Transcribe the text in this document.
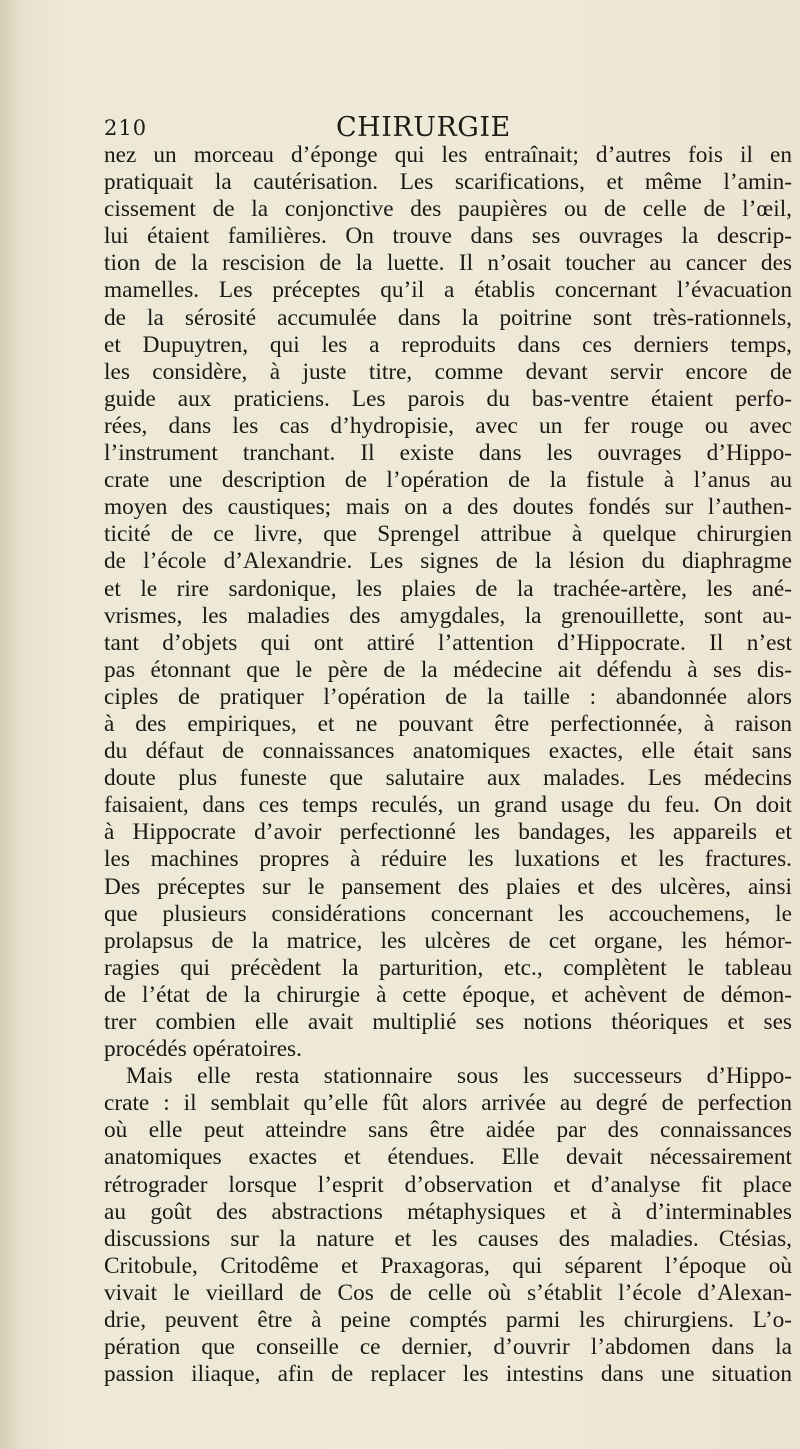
210	CHIRURGIE
nez un morceau d’éponge qui les entraînait; d’autres fois il en
pratiquait la cautérisation. Les scarifications, et même l’amin-
cissement de la conjonctive des paupières ou de celle de l’œil,
lui étaient familières. On trouve dans ses ouvrages la descrip-
tion de la rescision de la luette. Il n’osait toucher au cancer des
mamelles. Les préceptes qu’il a établis concernant l’évacuation
de la sérosité accumulée dans la poitrine sont très-rationnels,
et Dupuytren, qui les a reproduits dans ces derniers temps,
les considère, à juste titre, comme devant servir encore de
guide aux praticiens. Les parois du bas-ventre étaient perfo-
rées, dans les cas d’hydropisie, avec un fer rouge ou avec
l’instrument tranchant. Il existe dans les ouvrages d’Hippo-
crate une description de l’opération de la fistule à l’anus au
moyen des caustiques; mais on a des doutes fondés sur l’authen-
ticité de ce livre, que Sprengel attribue à quelque chirurgien
de l’école d’Alexandrie. Les signes de la lésion du diaphragme
et le rire sardonique, les plaies de la trachée-artère, les ané-
vrismes, les maladies des amygdales, la grenouillette, sont au-
tant d’objets qui ont attiré l’attention d’Hippocrate. Il n’est
pas étonnant que le père de la médecine ait défendu à ses dis-
ciples de pratiquer l’opération de la taille : abandonnée alors
à des empiriques, et ne pouvant être perfectionnée, à raison
du défaut de connaissances anatomiques exactes, elle était sans
doute plus funeste que salutaire aux malades. Les médecins
faisaient, dans ces temps reculés, un grand usage du feu. On doit
à Hippocrate d’avoir perfectionné les bandages, les appareils et
les machines propres à réduire les luxations et les fractures.
Des préceptes sur le pansement des plaies et des ulcères, ainsi
que plusieurs considérations concernant les accouchemens, le
prolapsus de la matrice, les ulcères de cet organe, les hémor-
ragies qui précèdent la parturition, etc., complètent le tableau
de l’état de la chirurgie à cette époque, et achèvent de démon-
trer combien elle avait multiplié ses notions théoriques et ses
procédés opératoires.
Mais elle resta stationnaire sous les successeurs d’Hippo-
crate : il semblait qu’elle fût alors arrivée au degré de perfection
où elle peut atteindre sans être aidée par des connaissances
anatomiques exactes et étendues. Elle devait nécessairement
rétrograder lorsque l’esprit d’observation et d’analyse fit place
au goût des abstractions métaphysiques et à d’interminables
discussions sur la nature et les causes des maladies. Ctésias,
Critobule, Critodême et Praxagoras, qui séparent l’époque où
vivait le vieillard de Cos de celle où s’établit l’école d’Alexan-
drie, peuvent être à peine comptés parmi les chirurgiens. L’o-
pération que conseille ce dernier, d’ouvrir l’abdomen dans la
passion iliaque, afin de replacer les intestins dans une situation
